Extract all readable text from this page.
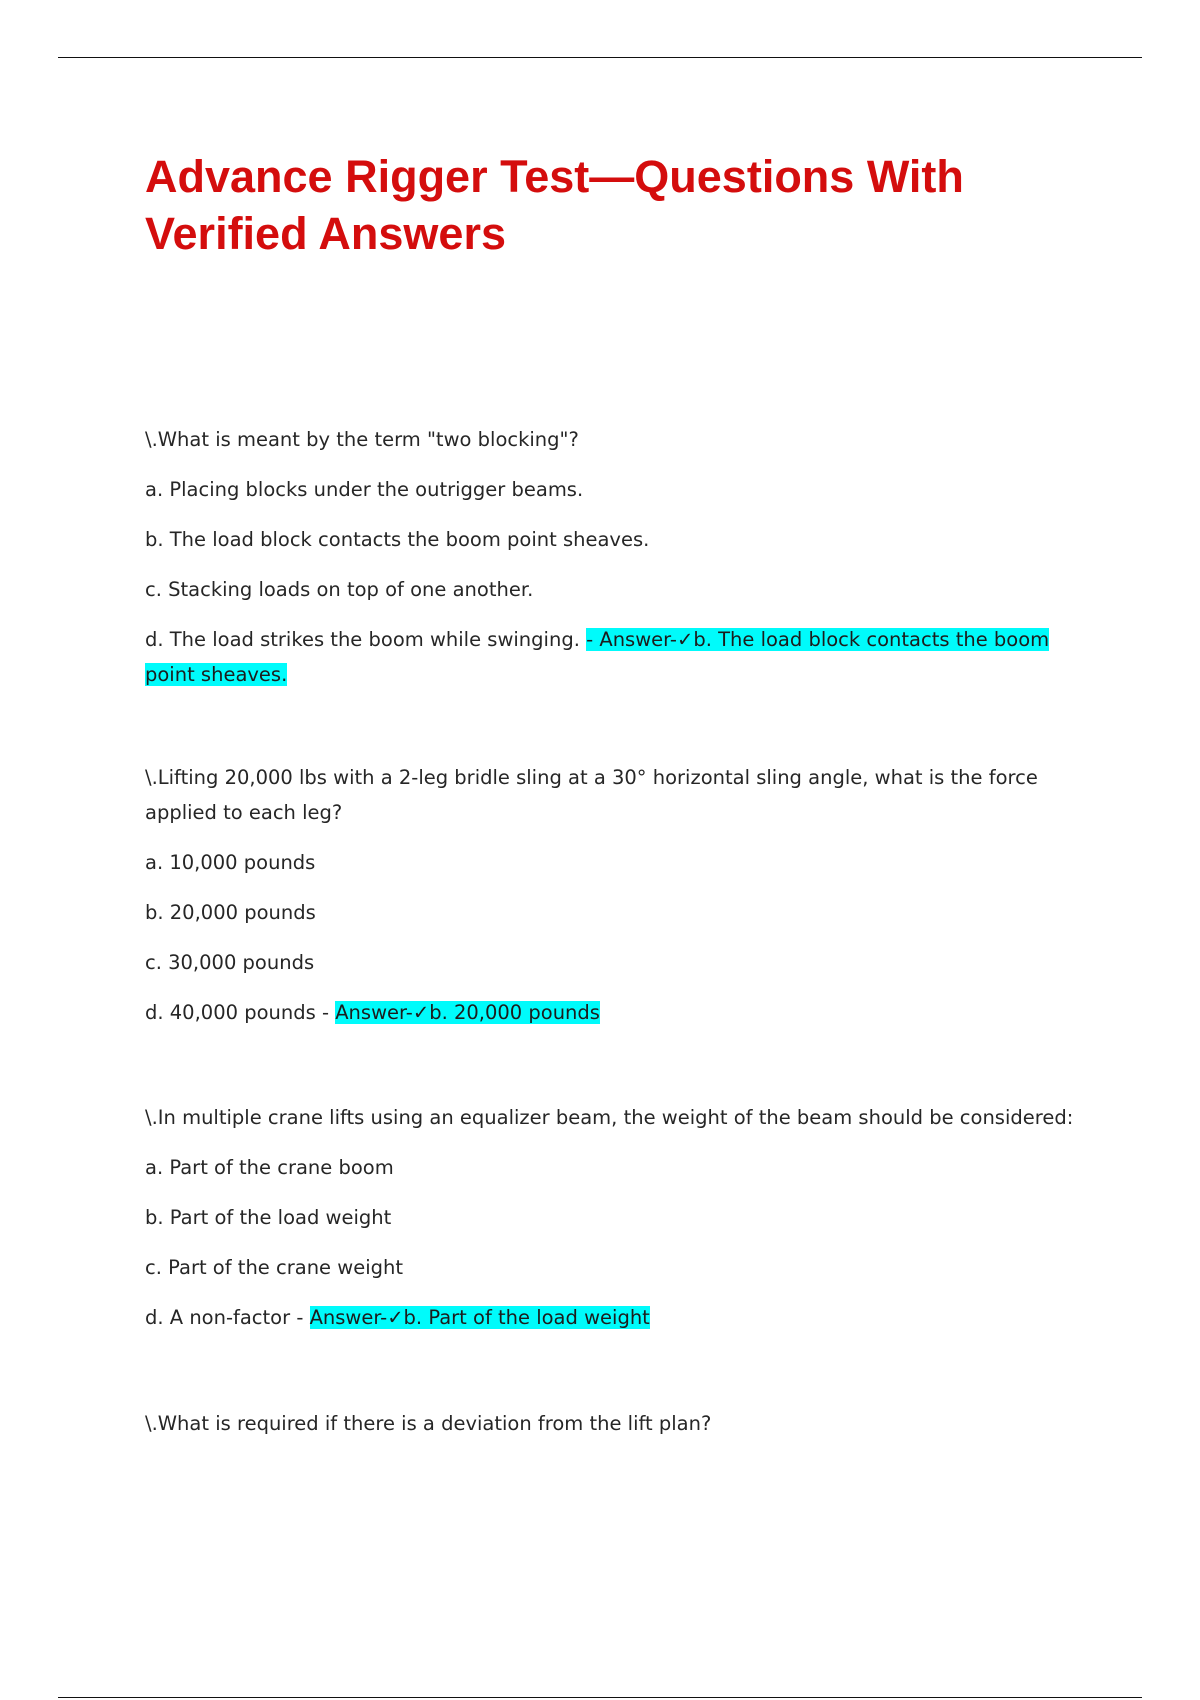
Advance Rigger Test—Questions With Verified Answers

\.What is meant by the term "two blocking"?

a. Placing blocks under the outrigger beams.

b. The load block contacts the boom point sheaves.

c. Stacking loads on top of one another.

d. The load strikes the boom while swinging. - Answer-✓b. The load block contacts the boom point sheaves.

\.Lifting 20,000 lbs with a 2-leg bridle sling at a 30° horizontal sling angle, what is the force applied to each leg?

a. 10,000 pounds

b. 20,000 pounds

c. 30,000 pounds

d. 40,000 pounds - Answer-✓b. 20,000 pounds

\.In multiple crane lifts using an equalizer beam, the weight of the beam should be considered:

a. Part of the crane boom

b. Part of the load weight

c. Part of the crane weight

d. A non-factor - Answer-✓b. Part of the load weight

\.What is required if there is a deviation from the lift plan?
